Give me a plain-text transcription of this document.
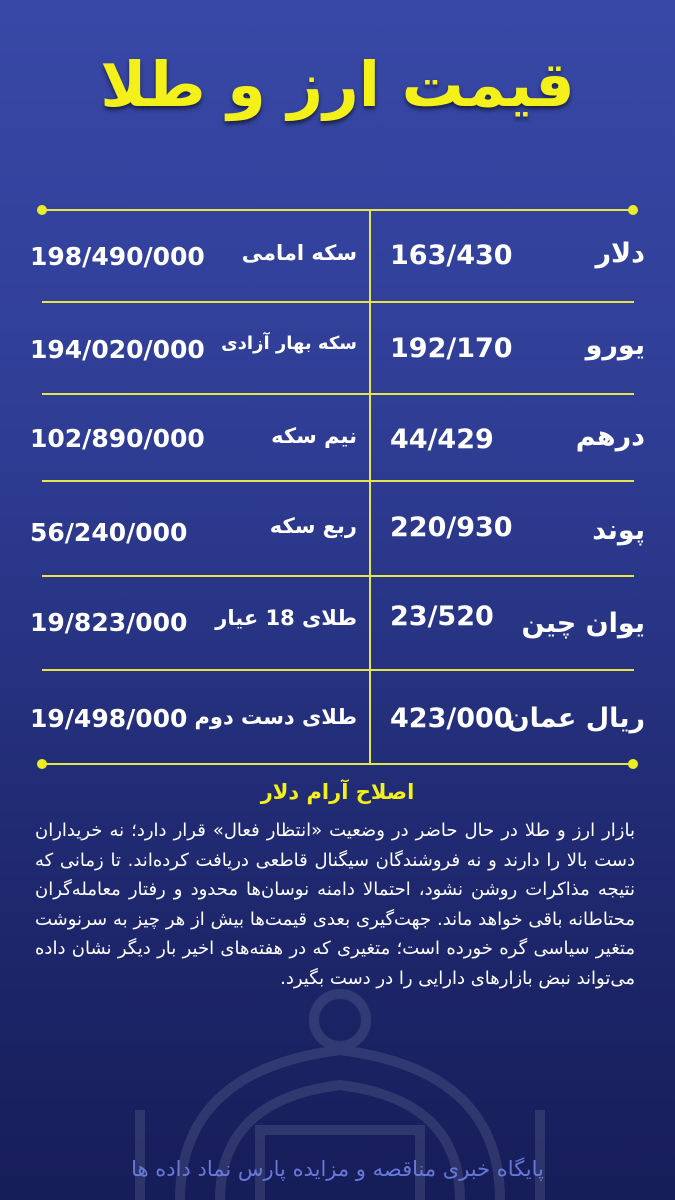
قیمت ارز و طلا
دلار
163/430
سکه امامی
198/490/000
یورو
192/170
سکه بهار آزادی
194/020/000
درهم
44/429
نیم سکه
102/890/000
پوند
220/930
ربع سکه
56/240/000
یوان چین
23/520
طلای 18 عیار
19/823/000
ریال عمان
423/000
طلای دست دوم
19/498/000
اصلاح آرام دلار
بازار ارز و طلا در حال حاضر در وضعیت «انتظار فعال» قرار دارد؛ نه خریداران دست بالا را دارند و نه فروشندگان سیگنال قاطعی دریافت کرده‌اند. تا زمانی که نتیجه مذاکرات روشن نشود، احتمالا دامنه نوسان‌ها محدود و رفتار معامله‌گران محتاطانه باقی خواهد ماند. جهت‌گیری بعدی قیمت‌ها بیش از هر چیز به سرنوشت متغیر سیاسی گره خورده است؛ متغیری که در هفته‌های اخیر بار دیگر نشان داده می‌تواند نبض بازارهای دارایی را در دست بگیرد.
پایگاه خبری مناقصه و مزایده پارس نماد داده ها
